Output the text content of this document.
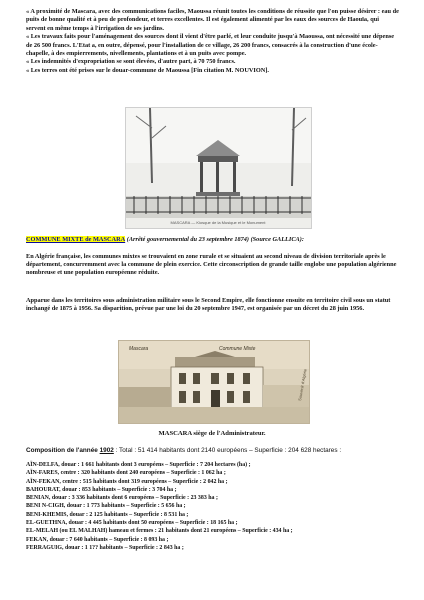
« A proximité de Mascara, avec des communications faciles, Maoussa réunit toutes les conditions de réussite que l'on puisse désirer : eau de puits de bonne qualité et à peu de profondeur, et terres excellentes. Il est également alimenté par les eaux des sources de Haouïa, qui servent en même temps à l'irrigation de ses jardins.

« Les travaux faits pour l'aménagement des sources dont il vient d'être parlé, et leur conduite jusqu'à Maoussa, ont nécessité une dépense de 26 500 francs. L'Etat a, en outre, dépensé, pour l'installation de ce village, 26 200 francs, consacrés à la construction d'une école-chapelle, à des empierrements, nivellements, plantations et à un puits avec pompe.

« Les indemnités d'expropriation se sont élevées, d'autre part, à 70 750 francs.

« Les terres ont été prises sur le douar-commune de Maoussa [Fin citation M. NOUVION].

MASCARA — Kiosque de la Musique et le Monument
COMMUNE MIXTE de MASCARA (Arrêté gouvernemental du 23 septembre 1874) (Source GALLICA):

En Algérie française, les communes mixtes se trouvaient en zone rurale et se situaient au second niveau de division territoriale après le département, concurremment avec la commune de plein exercice. Cette circonscription de grande taille englobe une population algérienne nombreuse et une population européenne réduite.

Apparue dans les territoires sous administration militaire sous le Second Empire, elle fonctionne ensuite en territoire civil sous un statut inchangé de 1875 à 1956. Sa disparition, prévue par une loi du 20 septembre 1947, est organisée par un décret du 28 juin 1956.

Mascara	Commune Mixte
Souvenir d'Algérie
MASCARA siège de l'Administrateur.
Composition de l'année 1902 : Total : 51 414 habitants dont 2140 européens – Superficie : 204 628 hectares :
AÏN-DELFA, douar : 1 661 habitants dont 3 européens – Superficie : 7 204 hectares (ha) ;
AÏN-FARES, centre : 320 habitants dont 240 européens – Superficie : 1 062 ha ;
AÏN-FEKAN, centre : 515 habitants dont 319 européens – Superficie : 2 042 ha ;
BAHOURAT, douar : 853 habitants – Superficie : 3 704 ha ;
BENIAN, douar : 3 336 habitants dont 6 européens – Superficie : 23 383 ha ;
BENI N-CIGH, douar : 1 773 habitants – Superficie : 5 656 ha ;
BENI-KHEMIS, douar : 2 125 habitants – Superficie : 8 531 ha ;
EL-GUETHNA, douar : 4 445 habitants dont 50 européens – Superficie : 18 165 ha ;
EL-MELAH (ou EL MALHAH) hameau et fermes : 21 habitants dont 21 européens – Superficie : 434 ha ;
FEKAN, douar : 7 640 habitants – Superficie : 8 093 ha ;
FERRAGUIG, douar : 1 1?? habitants – Superficie : 2 843 ha ;
